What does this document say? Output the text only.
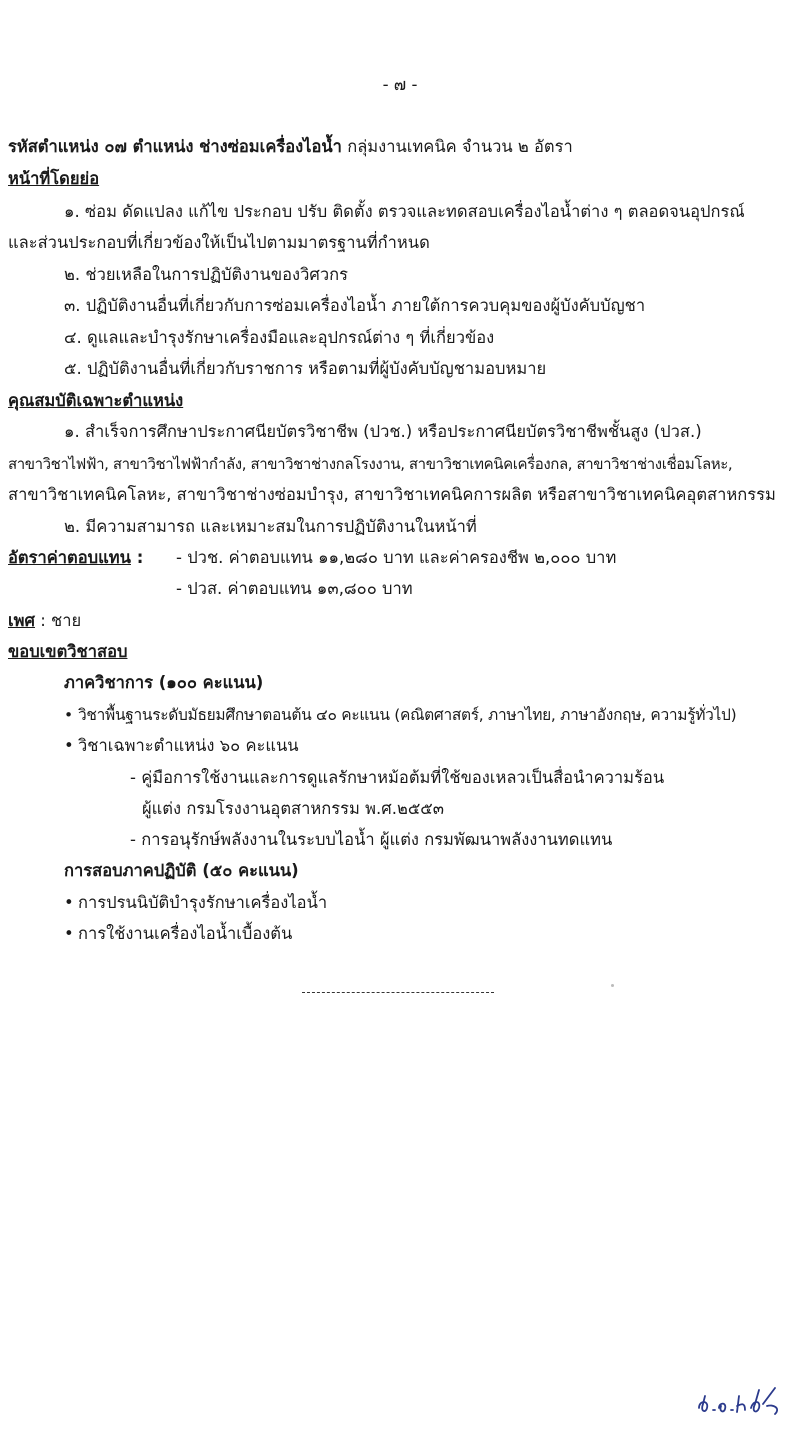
- ๗ -
รหัสตำแหน่ง ๐๗ ตำแหน่ง ช่างซ่อมเครื่องไอน้ำ กลุ่มงานเทคนิค จำนวน ๒ อัตรา
หน้าที่โดยย่อ
๑. ซ่อม ดัดแปลง แก้ไข ประกอบ ปรับ ติดตั้ง ตรวจและทดสอบเครื่องไอน้ำต่าง ๆ ตลอดจนอุปกรณ์
และส่วนประกอบที่เกี่ยวข้องให้เป็นไปตามมาตรฐานที่กำหนด
๒. ช่วยเหลือในการปฏิบัติงานของวิศวกร
๓. ปฏิบัติงานอื่นที่เกี่ยวกับการซ่อมเครื่องไอน้ำ ภายใต้การควบคุมของผู้บังคับบัญชา
๔. ดูแลและบำรุงรักษาเครื่องมือและอุปกรณ์ต่าง ๆ ที่เกี่ยวข้อง
๕. ปฏิบัติงานอื่นที่เกี่ยวกับราชการ หรือตามที่ผู้บังคับบัญชามอบหมาย
คุณสมบัติเฉพาะตำแหน่ง
๑. สำเร็จการศึกษาประกาศนียบัตรวิชาชีพ (ปวช.) หรือประกาศนียบัตรวิชาชีพชั้นสูง (ปวส.)
สาขาวิชาไฟฟ้า, สาขาวิชาไฟฟ้ากำลัง, สาขาวิชาช่างกลโรงงาน, สาขาวิชาเทคนิคเครื่องกล, สาขาวิชาช่างเชื่อมโลหะ,
สาขาวิชาเทคนิคโลหะ, สาขาวิชาช่างซ่อมบำรุง, สาขาวิชาเทคนิคการผลิต หรือสาขาวิชาเทคนิคอุตสาหกรรม
๒. มีความสามารถ และเหมาะสมในการปฏิบัติงานในหน้าที่
อัตราค่าตอบแทน : - ปวช. ค่าตอบแทน ๑๑,๒๘๐ บาท และค่าครองชีพ ๒,๐๐๐ บาท
- ปวส. ค่าตอบแทน ๑๓,๘๐๐ บาท
เพศ : ชาย
ขอบเขตวิชาสอบ
ภาควิชาการ (๑๐๐ คะแนน)
• วิชาพื้นฐานระดับมัธยมศึกษาตอนต้น ๔๐ คะแนน (คณิตศาสตร์, ภาษาไทย, ภาษาอังกฤษ, ความรู้ทั่วไป)
• วิชาเฉพาะตำแหน่ง ๖๐ คะแนน
- คู่มือการใช้งานและการดูแลรักษาหม้อต้มที่ใช้ของเหลวเป็นสื่อนำความร้อน
ผู้แต่ง กรมโรงงานอุตสาหกรรม พ.ศ.๒๕๕๓
- การอนุรักษ์พลังงานในระบบไอน้ำ ผู้แต่ง กรมพัฒนาพลังงานทดแทน
การสอบภาคปฏิบัติ (๕๐ คะแนน)
• การปรนนิบัติบำรุงรักษาเครื่องไอน้ำ
• การใช้งานเครื่องไอน้ำเบื้องต้น
